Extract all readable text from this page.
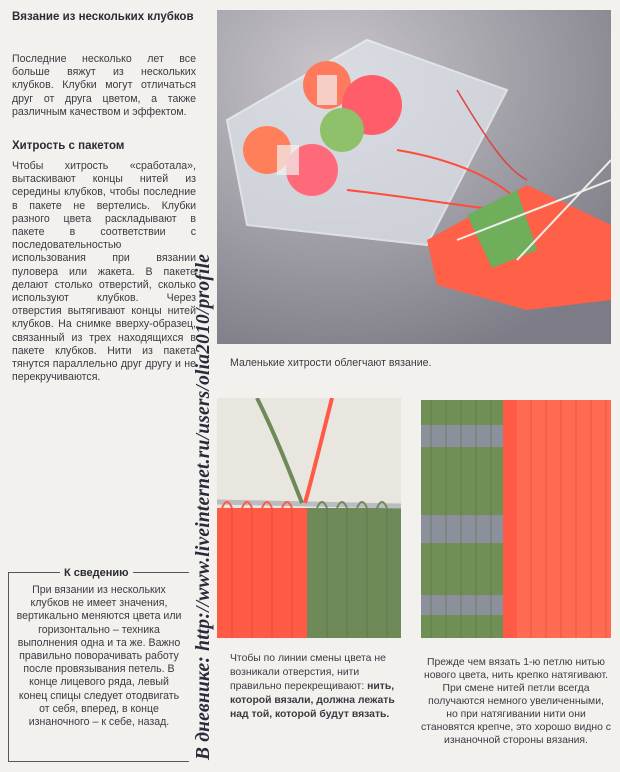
Вязание из нескольких клубков

Последние несколько лет все больше вяжут из нескольких клубков. Клубки могут отличаться друг от друга цветом, а также различным качеством и эффектом.

Хитрость с пакетом

Чтобы хитрость «сработала», вытаскивают концы нитей из середины клубков, чтобы последние в пакете не вертелись. Клубки разного цвета раскладывают в пакете в соответствии с последовательностью использования при вязании пуловера или жакета. В пакете делают столько отверстий, сколько используют клубков. Через отверстия вытягивают концы нитей клубков. На снимке вверху-образец, связанный из трех находящихся в пакете клубков. Нити из пакета тянутся параллельно друг другу и не перекручиваются.

К сведению
При вязании из нескольких клубков не имеет значения, вертикально меняются цвета или горизонтально – техника выполнения одна и та же. Важно правильно поворачивать работу после провязывания петель. В конце лицевого ряда, левый конец спицы следует отодвигать от себя, вперед, в конце изнаночного – к себе, назад.	В дневнике: http://www.liveinternet.ru/users/olia2010/profile Маленькие хитрости облегчают вязание.
Чтобы по линии смены цвета не возникали отверстия, нити правильно перекрещивают: нить, которой вязали, должна лежать над той, которой будут вязать.
Прежде чем вязать 1-ю петлю нитью нового цвета, нить крепко натягивают. При смене нитей петли всегда получаются немного увеличенными, но при натягивании нити они становятся крепче, это хорошо видно с изнаночной стороны вязания.
